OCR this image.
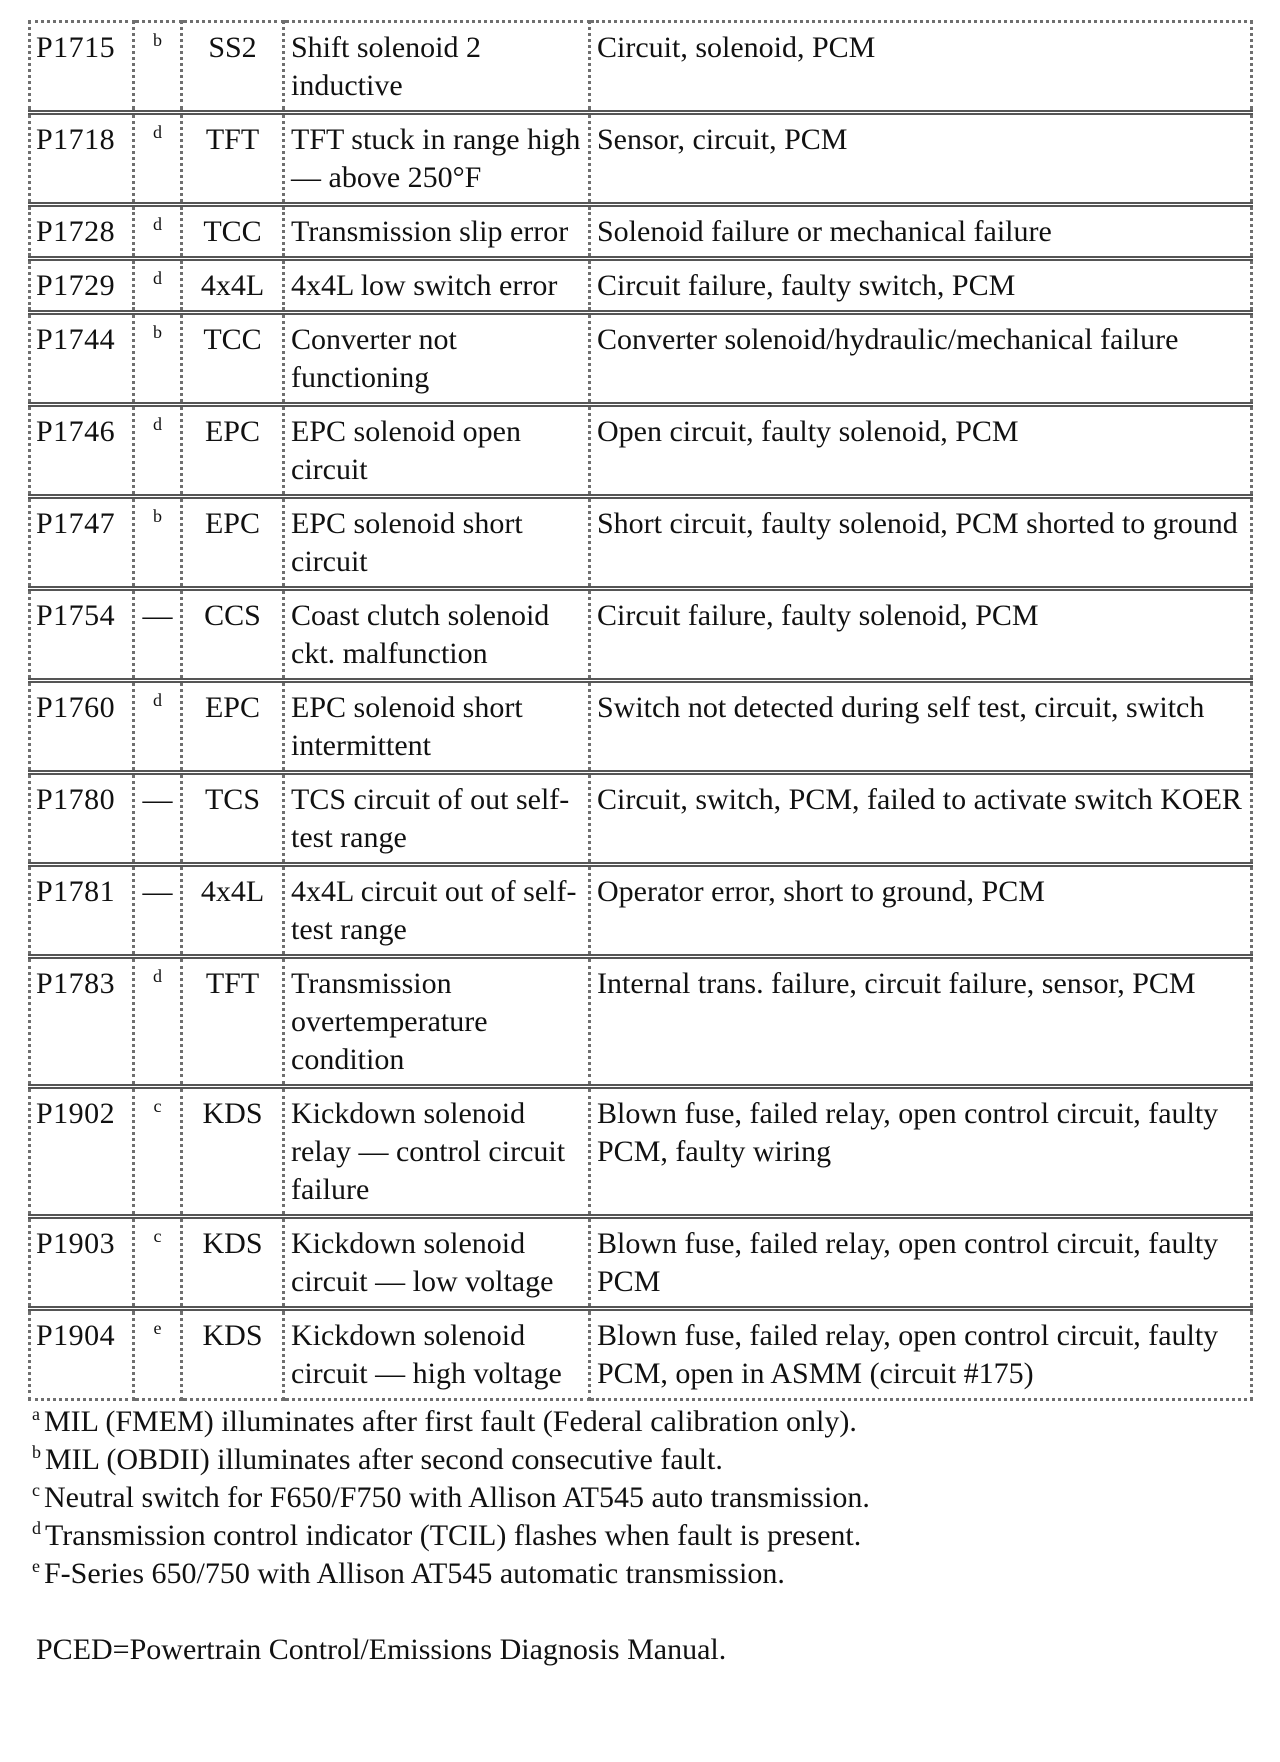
P1715	b	SS2	Shift solenoid 2 inductive	Circuit, solenoid, PCM
P1718	d	TFT	TFT stuck in range high — above 250°F	Sensor, circuit, PCM
P1728	d	TCC	Transmission slip error	Solenoid failure or mechanical failure
P1729	d	4x4L	4x4L low switch error	Circuit failure, faulty switch, PCM
P1744	b	TCC	Converter not functioning	Converter solenoid/hydraulic/mechanical failure
P1746	d	EPC	EPC solenoid open circuit	Open circuit, faulty solenoid, PCM
P1747	b	EPC	EPC solenoid short circuit	Short circuit, faulty solenoid, PCM shorted to ground
P1754	—	CCS	Coast clutch solenoid ckt. malfunction	Circuit failure, faulty solenoid, PCM
P1760	d	EPC	EPC solenoid short intermittent	Switch not detected during self test, circuit, switch
P1780	—	TCS	TCS circuit of out self-test range	Circuit, switch, PCM, failed to activate switch KOER
P1781	—	4x4L	4x4L circuit out of self-test range	Operator error, short to ground, PCM
P1783	d	TFT	Transmission overtemperature condition	Internal trans. failure, circuit failure, sensor, PCM
P1902	c	KDS	Kickdown solenoid relay — control circuit failure	Blown fuse, failed relay, open control circuit, faulty PCM, faulty wiring
P1903	c	KDS	Kickdown solenoid circuit — low voltage	Blown fuse, failed relay, open control circuit, faulty PCM
P1904	e	KDS	Kickdown solenoid circuit — high voltage	Blown fuse, failed relay, open control circuit, faulty PCM, open in ASMM (circuit #175)
$^a$ MIL (FMEM) illuminates after first fault (Federal calibration only).
$^b$ MIL (OBDII) illuminates after second consecutive fault.
$^c$ Neutral switch for F650/F750 with Allison AT545 auto transmission.
$^d$ Transmission control indicator (TCIL) flashes when fault is present.
$^e$ F-Series 650/750 with Allison AT545 automatic transmission.
PCED=Powertrain Control/Emissions Diagnosis Manual.
